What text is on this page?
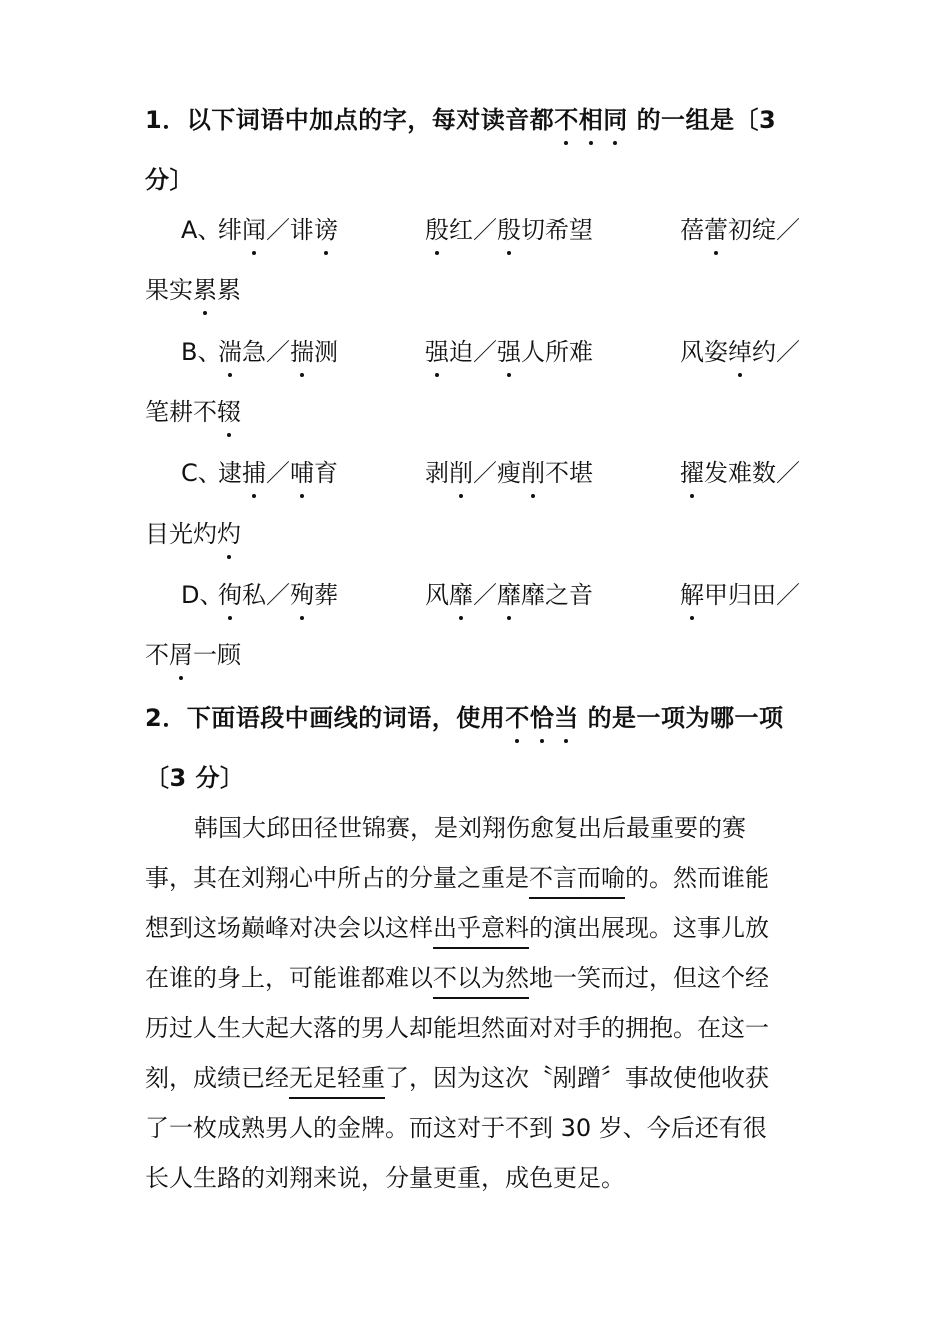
1．以下词语中加点的字，每对读音都不相同 的一组是〔3
分〕
A、
绯闻／诽谤	殷红／殷切希望	蓓蕾初绽／
果实累累
B、
湍急／揣测	强迫／强人所难	风姿绰约／
笔耕不辍
C、
逮捕／哺育	剥削／瘦削不堪	擢发难数／
目光灼灼
D、
徇私／殉葬	风靡／靡靡之音	解甲归田／
不屑一顾
2．下面语段中画线的词语，使用不恰当 的是一项为哪一项
〔3 分〕
韩国大邱田径世锦赛，是刘翔伤愈复出后最重要的赛
事，其在刘翔心中所占的分量之重是不言而喻的。然而谁能
想到这场巅峰对决会以这样出乎意料的演出展现。这事儿放
在谁的身上，可能谁都难以不以为然地一笑而过，但这个经
历过人生大起大落的男人却能坦然面对对手的拥抱。在这一
刻，成绩已经无足轻重了，因为这次〝剐蹭〞事故使他收获
了一枚成熟男人的金牌。而这对于不到 30 岁、今后还有很
长人生路的刘翔来说，分量更重，成色更足。
